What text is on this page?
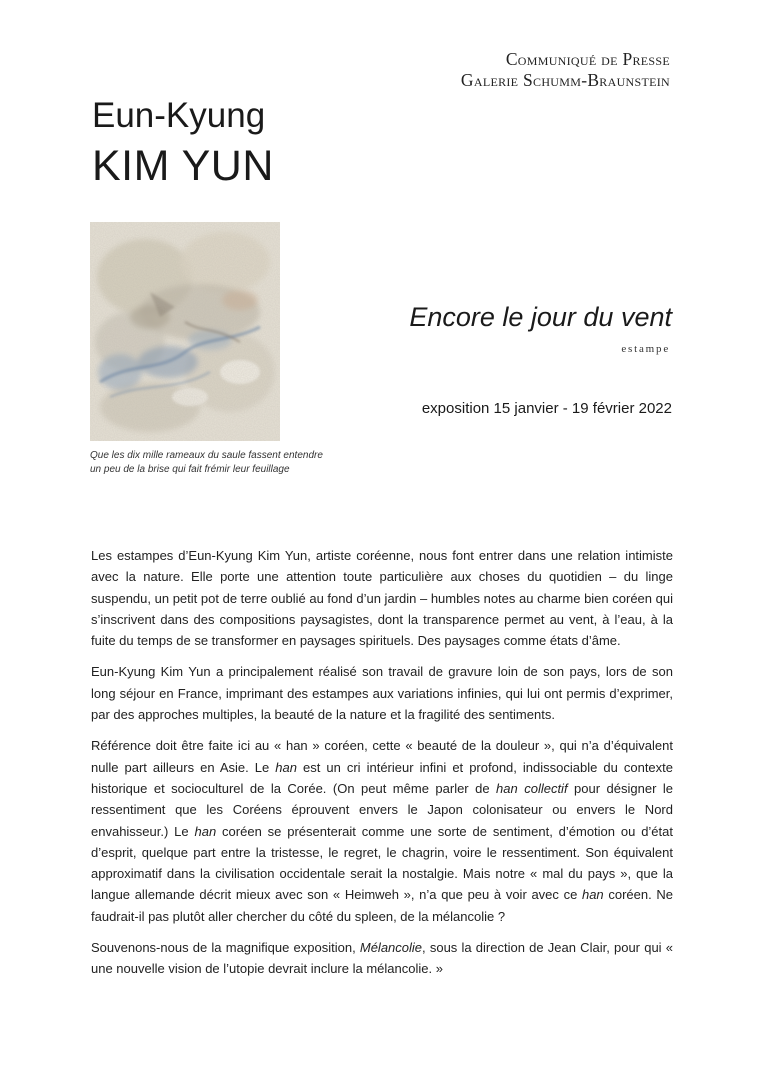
Communiqué de Presse
Galerie Schumm-Braunstein
Eun-Kyung
KIM YUN
Que les dix mille rameaux du saule fassent entendre
un peu de la brise qui fait frémir leur feuillage
Encore le jour du vent
estampe
exposition 15 janvier - 19 février 2022

Les estampes d’Eun-Kyung Kim Yun, artiste coréenne, nous font entrer dans une relation intimiste avec la nature. Elle porte une attention toute particulière aux choses du quotidien – du linge suspendu, un petit pot de terre oublié au fond d’un jardin – humbles notes au charme bien coréen qui s’inscrivent dans des compositions paysagistes, dont la transparence permet au vent, à l’eau, à la fuite du temps de se transformer en paysages spirituels. Des paysages comme états d’âme.

Eun-Kyung Kim Yun a principalement réalisé son travail de gravure loin de son pays, lors de son long séjour en France, imprimant des estampes aux variations infinies, qui lui ont permis d’exprimer, par des approches multiples, la beauté de la nature et la fragilité des sentiments.

Référence doit être faite ici au « han » coréen, cette « beauté de la douleur », qui n’a d’équivalent nulle part ailleurs en Asie. Le han est un cri intérieur infini et profond, indissociable du contexte historique et socioculturel de la Corée. (On peut même parler de han collectif pour désigner le ressentiment que les Coréens éprouvent envers le Japon colonisateur ou envers le Nord envahisseur.) Le han coréen se présenterait comme une sorte de sentiment, d’émotion ou d’état d’esprit, quelque part entre la tristesse, le regret, le chagrin, voire le ressentiment. Son équivalent approximatif dans la civilisation occidentale serait la nostalgie. Mais notre « mal du pays », que la langue allemande décrit mieux avec son « Heimweh », n’a que peu à voir avec ce han coréen. Ne faudrait-il pas plutôt aller chercher du côté du spleen, de la mélancolie ?

Souvenons-nous de la magnifique exposition, Mélancolie, sous la direction de Jean Clair, pour qui « une nouvelle vision de l’utopie devrait inclure la mélancolie. »
